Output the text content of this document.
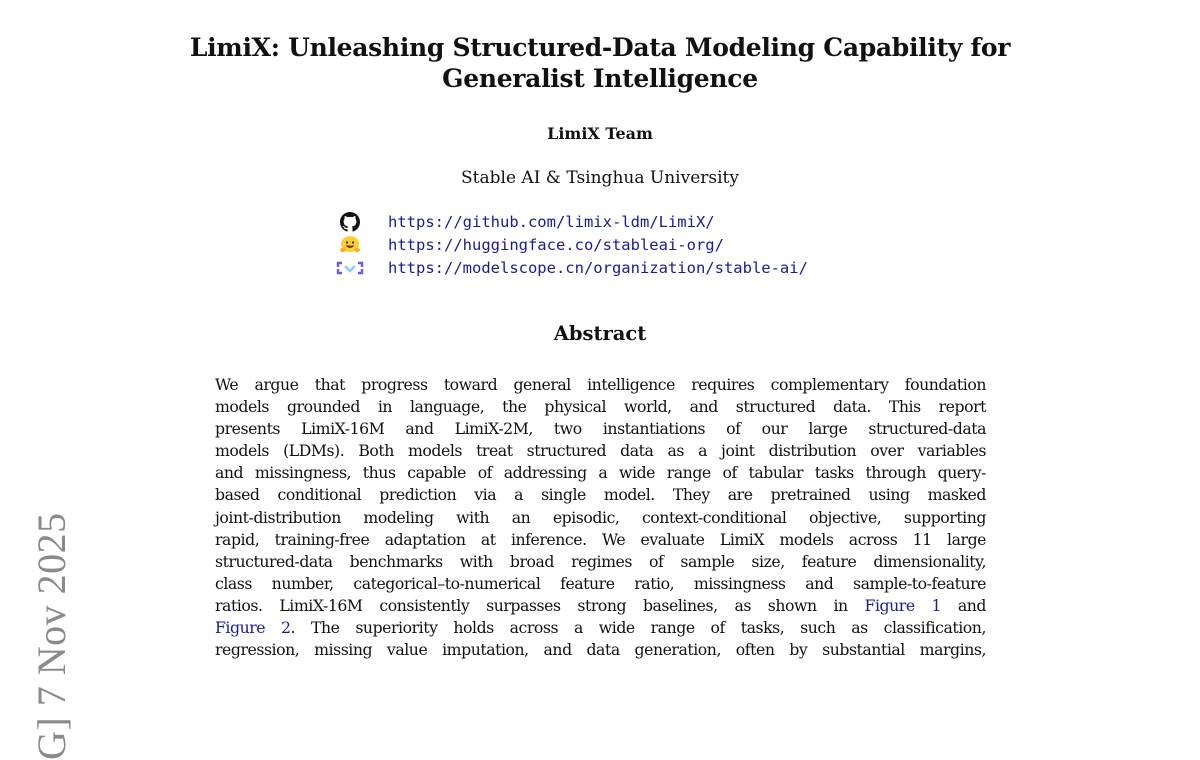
LimiX: Unleashing Structured-Data Modeling Capability for
Generalist Intelligence
LimiX Team
Stable AI & Tsinghua University
https://github.com/limix-ldm/LimiX/
https://huggingface.co/stableai-org/
https://modelscope.cn/organization/stable-ai/
Abstract
We argue that progress toward general intelligence requires complementary foundation
models grounded in language, the physical world, and structured data. This report
presents LimiX-16M and LimiX-2M, two instantiations of our large structured-data
models (LDMs). Both models treat structured data as a joint distribution over variables
and missingness, thus capable of addressing a wide range of tabular tasks through query-
based conditional prediction via a single model. They are pretrained using masked
joint-distribution modeling with an episodic, context-conditional objective, supporting
rapid, training-free adaptation at inference. We evaluate LimiX models across 11 large
structured-data benchmarks with broad regimes of sample size, feature dimensionality,
class number, categorical–to-numerical feature ratio, missingness and sample-to-feature
ratios. LimiX-16M consistently surpasses strong baselines, as shown in Figure 1 and
Figure 2. The superiority holds across a wide range of tasks, such as classification,
regression, missing value imputation, and data generation, often by substantial margins,
G] 7 Nov 2025
